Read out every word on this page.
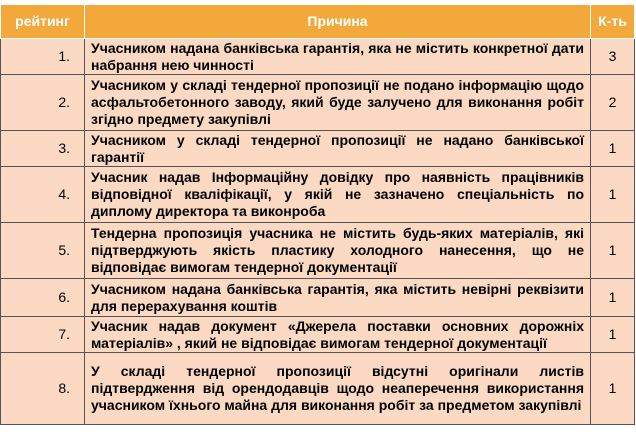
рейтинг	Причина	К-ть
1.	Учасником надана банківська гарантія, яка не містить конкретної дати набрання нею чинності	3
2.	Учасником у складі тендерної пропозиції не подано інформацію щодо асфальтобетонного заводу, який буде залучено для виконання робіт згідно предмету закупівлі	2
3.	Учасником у складі тендерної пропозиції не надано банківської гарантії	1
4.	Учасник надав Інформаційну довідку про наявність працівників відповідної кваліфікації, у якій не зазначено спеціальність по диплому директора та виконроба	1
5.	Тендерна пропозиція учасника не містить будь-яких матеріалів, які підтверджують якість пластику холодного нанесення, що не відповідає вимогам тендерної документації	1
6.	Учасником надана банківська гарантія, яка містить невірні реквізити для перерахування коштів	1
7.	Учасник надав документ «Джерела поставки основних дорожніх матеріалів» , який не відповідає вимогам тендерної документації	1
8.	У складі тендерної пропозиції відсутні оригінали листів підтвердження від орендодавців щодо неаперечення використання учасником їхнього майна для виконання робіт за предметом закупівлі	1
